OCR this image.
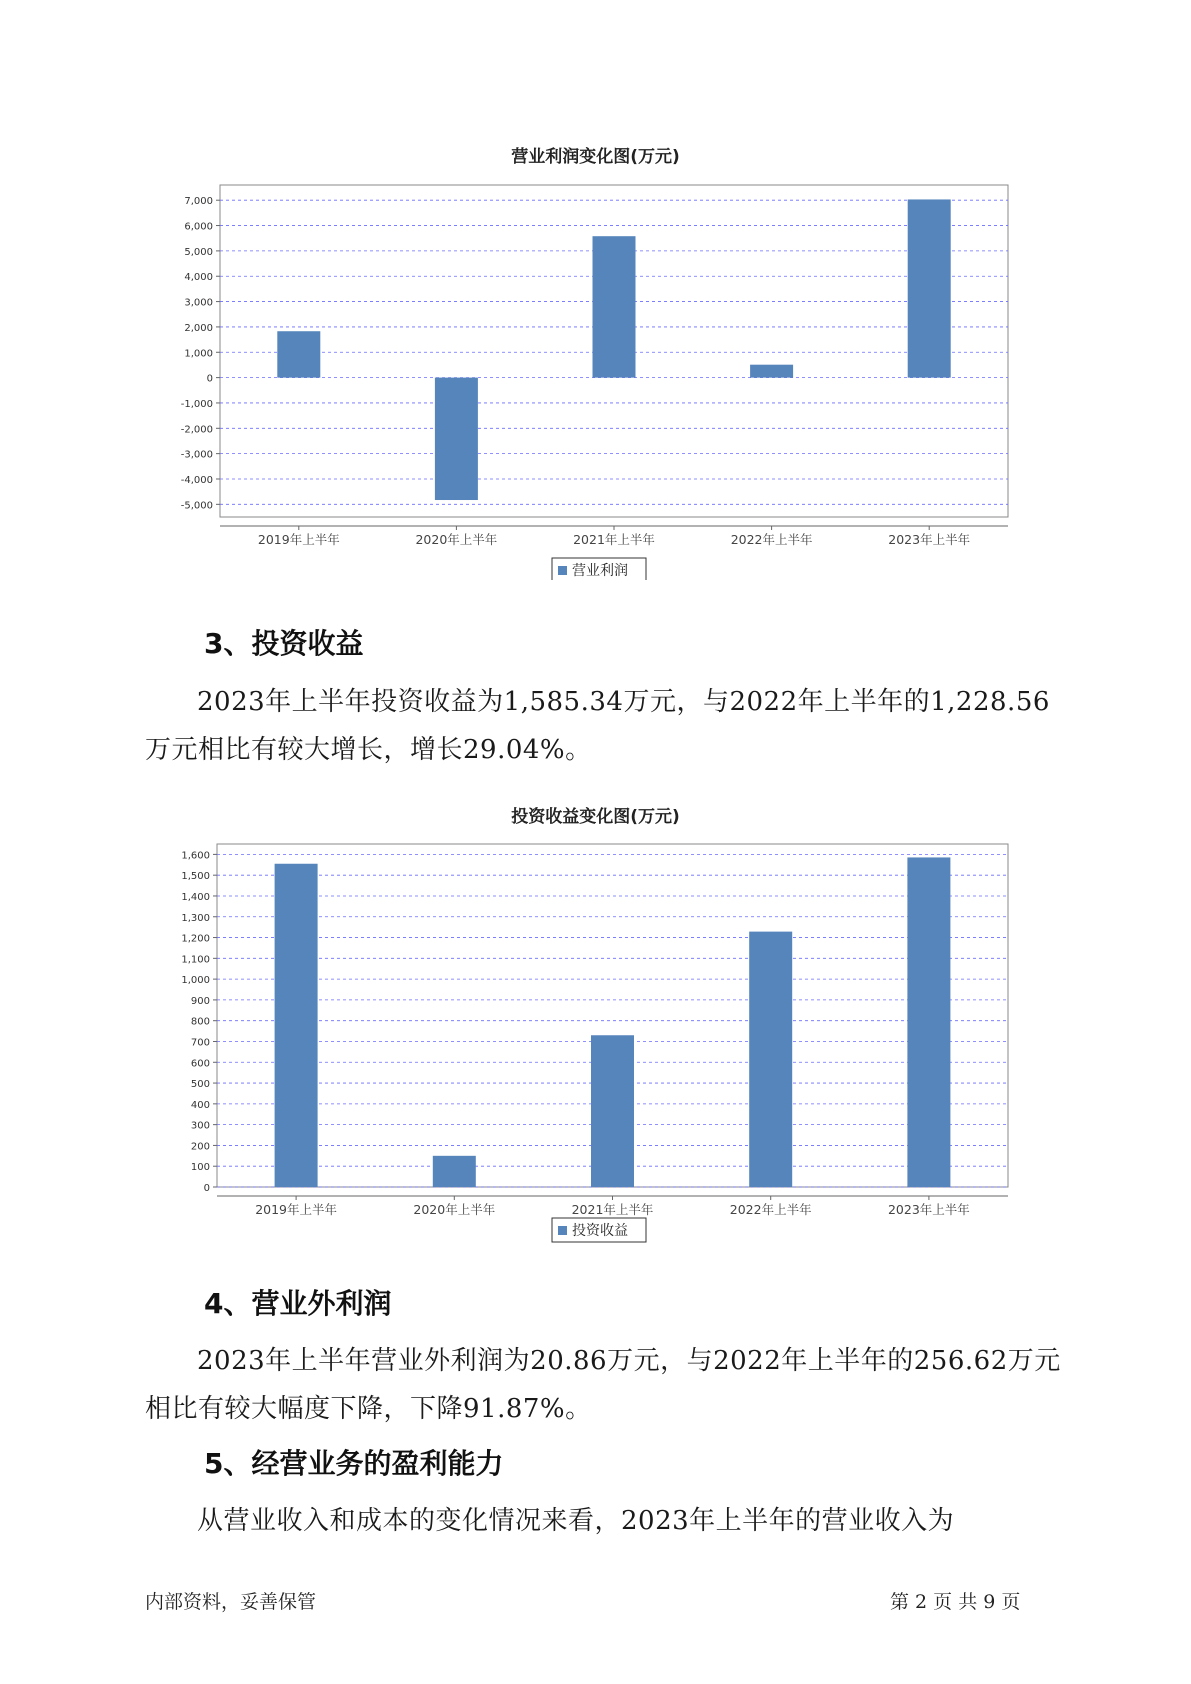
营业利润变化图(万元)
7,000
6,000
5,000
4,000
3,000
2,000
1,000
0
-1,000
-2,000
-3,000
-4,000
-5,000
2019年上半年	2020年上半年	2021年上半年	2022年上半年	2023年上半年
营业利润
3、投资收益

2023年上半年投资收益为1,585.34万元，与2022年上半年的1,228.56万元相比有较大增长，增长29.04%。

投资收益变化图(万元)
1,600
1,500
1,400
1,300
1,200
1,100
1,000
900
800
700
600
500
400
300
200
100
0
2019年上半年	2020年上半年	2021年上半年	2022年上半年	2023年上半年
投资收益
4、营业外利润

2023年上半年营业外利润为20.86万元，与2022年上半年的256.62万元相比有较大幅度下降，下降91.87%。

5、经营业务的盈利能力

从营业收入和成本的变化情况来看，2023年上半年的营业收入为

内部资料，妥善保管	第 2 页 共 9 页
